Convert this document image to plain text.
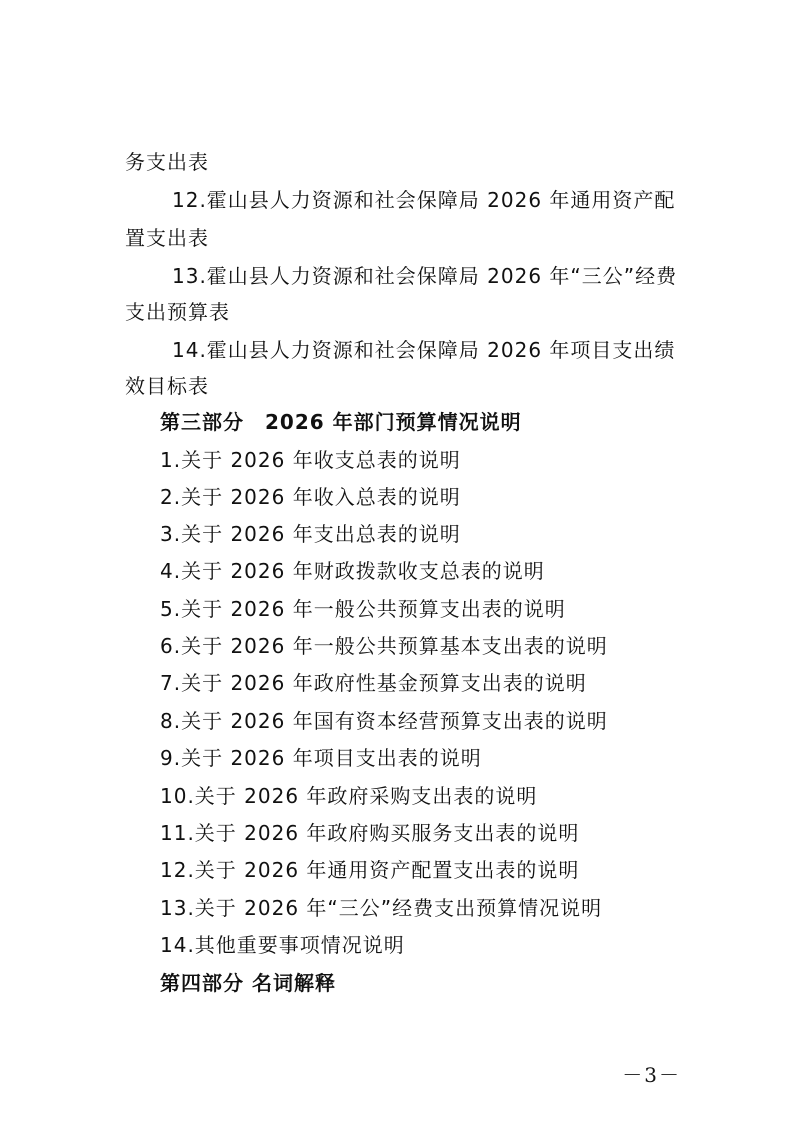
务支出表
12.霍山县人力资源和社会保障局 2026 年通用资产配
置支出表
13.霍山县人力资源和社会保障局 2026 年“三公”经费
支出预算表
14.霍山县人力资源和社会保障局 2026 年项目支出绩
效目标表
第三部分　2026 年部门预算情况说明
1.关于 2026 年收支总表的说明
2.关于 2026 年收入总表的说明
3.关于 2026 年支出总表的说明
4.关于 2026 年财政拨款收支总表的说明
5.关于 2026 年一般公共预算支出表的说明
6.关于 2026 年一般公共预算基本支出表的说明
7.关于 2026 年政府性基金预算支出表的说明
8.关于 2026 年国有资本经营预算支出表的说明
9.关于 2026 年项目支出表的说明
10.关于 2026 年政府采购支出表的说明
11.关于 2026 年政府购买服务支出表的说明
12.关于 2026 年通用资产配置支出表的说明
13.关于 2026 年“三公”经费支出预算情况说明
14.其他重要事项情况说明
第四部分 名词解释
－3－
